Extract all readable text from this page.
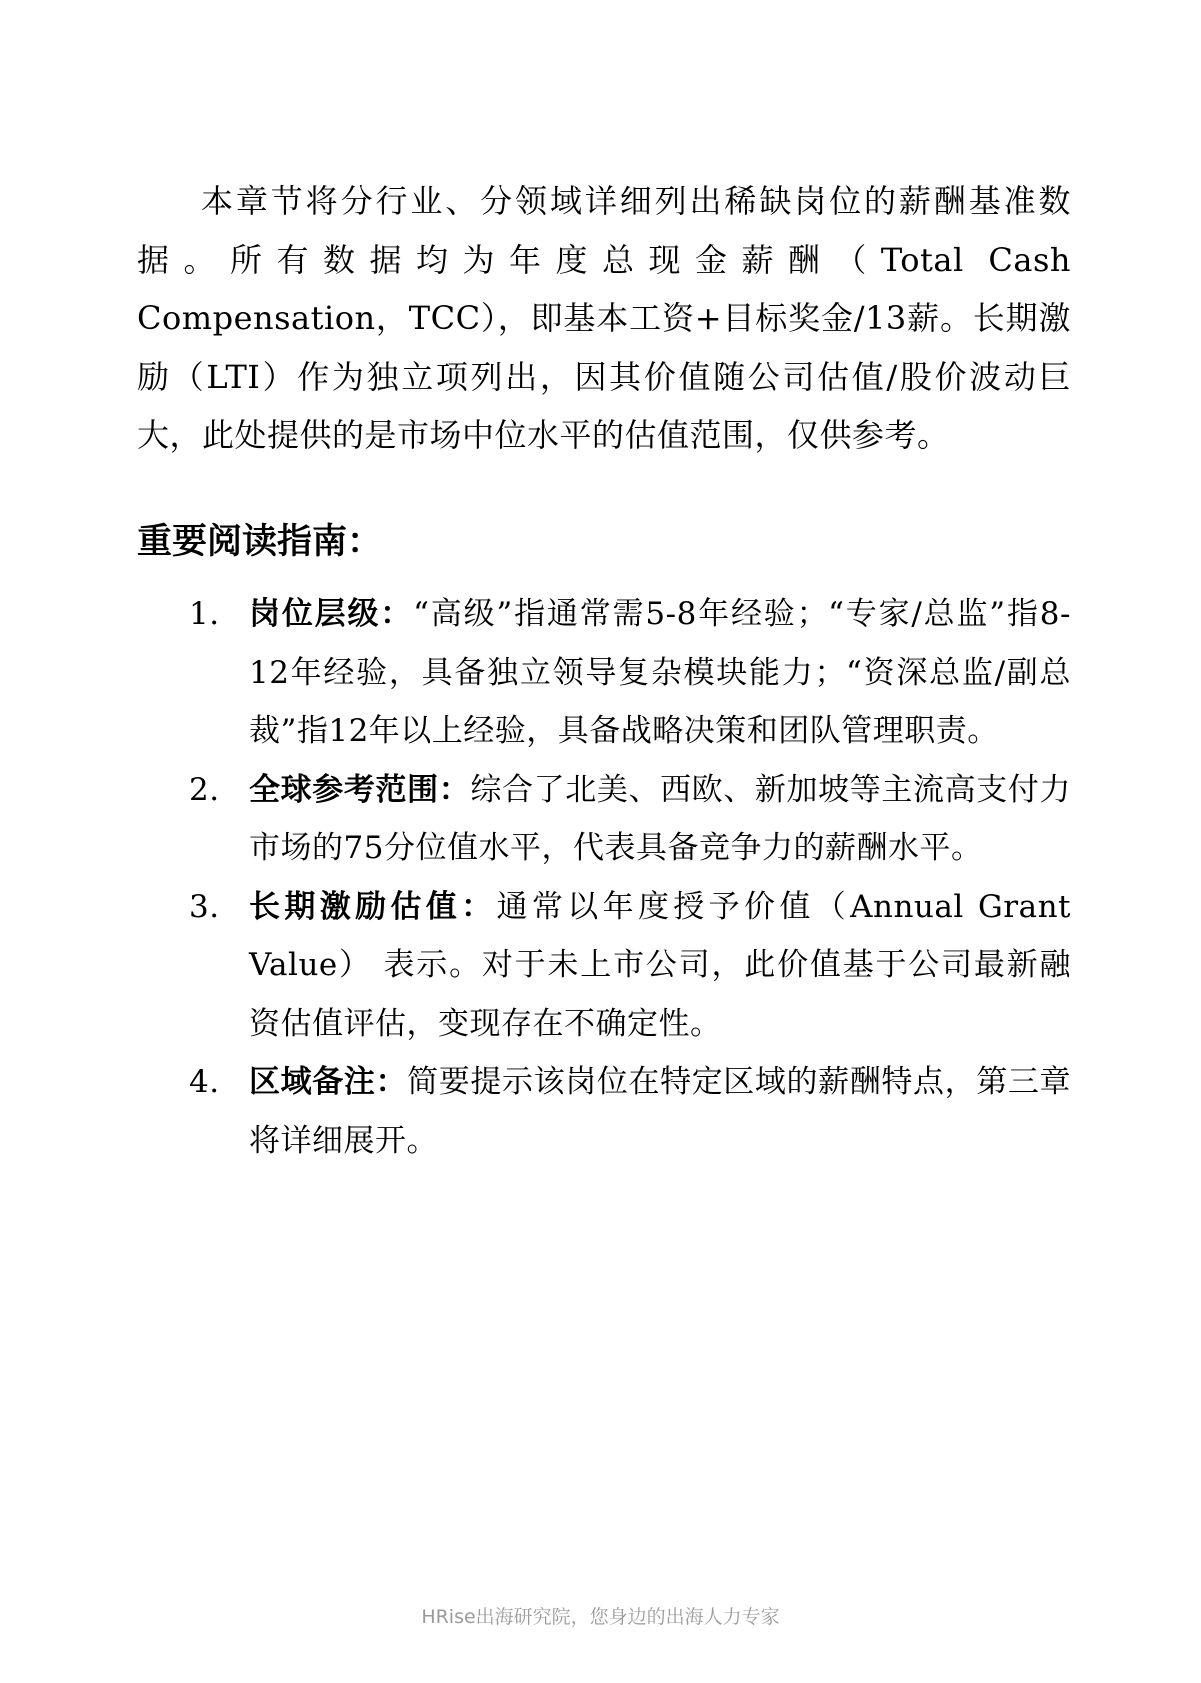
本章节将分行业、分领域详细列出稀缺岗位的薪酬基准数据。所有数据均为年度总现金薪酬（Total Cash Compensation，TCC），即基本工资+目标奖金/13薪。长期激励（LTI）作为独立项列出，因其价值随公司估值/股价波动巨大，此处提供的是市场中位水平的估值范围，仅供参考。

重要阅读指南：
1. 岗位层级：“高级”指通常需5-8年经验；“专家/总监”指8-12年经验，具备独立领导复杂模块能力；“资深总监/副总裁”指12年以上经验，具备战略决策和团队管理职责。
2. 全球参考范围：综合了北美、西欧、新加坡等主流高支付力市场的75分位值水平，代表具备竞争力的薪酬水平。
3. 长期激励估值：通常以年度授予价值（Annual Grant Value） 表示。对于未上市公司，此价值基于公司最新融资估值评估，变现存在不确定性。
4. 区域备注：简要提示该岗位在特定区域的薪酬特点，第三章将详细展开。

HRise出海研究院，您身边的出海人力专家
